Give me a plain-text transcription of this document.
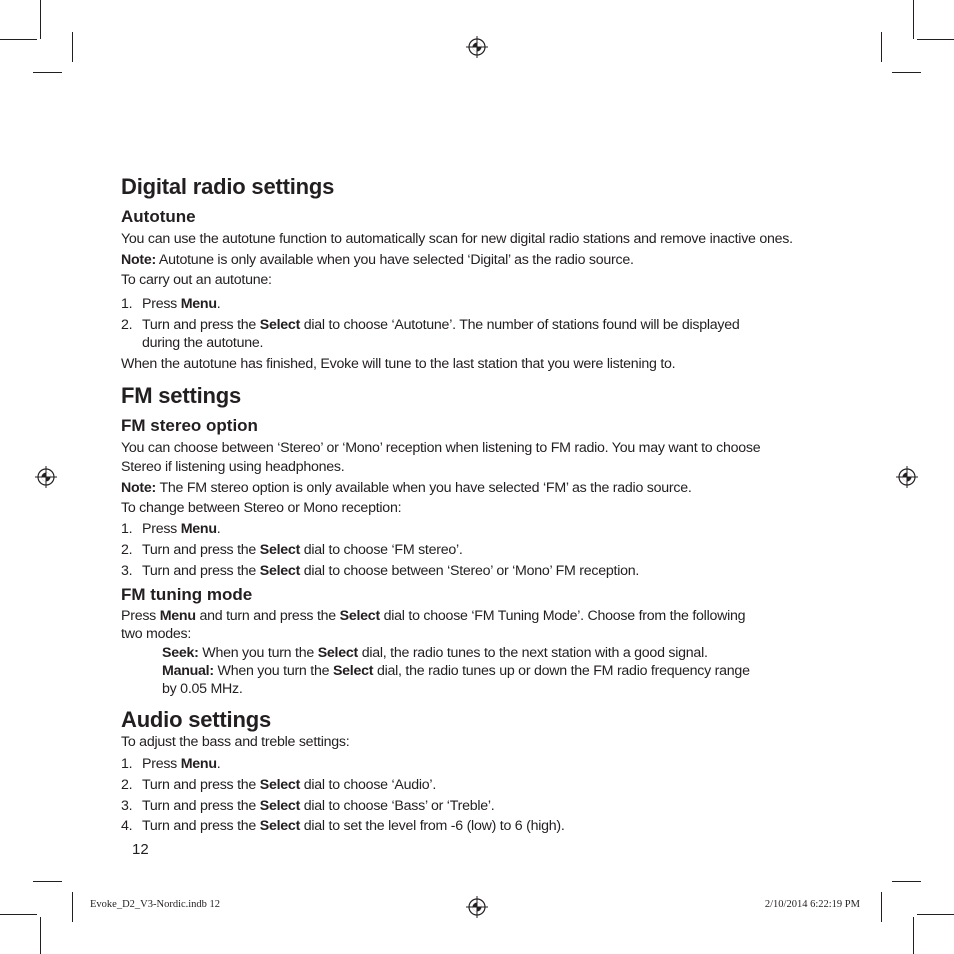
Digital radio settings
Autotune
You can use the autotune function to automatically scan for new digital radio stations and remove inactive ones.
Note: Autotune is only available when you have selected ‘Digital’ as the radio source.
To carry out an autotune:
1. Press Menu.
2. Turn and press the Select dial to choose ‘Autotune’. The number of stations found will be displayed
during the autotune.
When the autotune has finished, Evoke will tune to the last station that you were listening to.
FM settings
FM stereo option
You can choose between ‘Stereo’ or ‘Mono’ reception when listening to FM radio. You may want to choose
Stereo if listening using headphones.
Note: The FM stereo option is only available when you have selected ‘FM’ as the radio source.
To change between Stereo or Mono reception:
1. Press Menu.
2. Turn and press the Select dial to choose ‘FM stereo’.
3. Turn and press the Select dial to choose between ‘Stereo’ or ‘Mono’ FM reception.
FM tuning mode
Press Menu and turn and press the Select dial to choose ‘FM Tuning Mode’. Choose from the following
two modes:
Seek: When you turn the Select dial, the radio tunes to the next station with a good signal.
Manual: When you turn the Select dial, the radio tunes up or down the FM radio frequency range
by 0.05 MHz.
Audio settings
To adjust the bass and treble settings:
1. Press Menu.
2. Turn and press the Select dial to choose ‘Audio’.
3. Turn and press the Select dial to choose ‘Bass’ or ‘Treble’.
4. Turn and press the Select dial to set the level from -6 (low) to 6 (high).
12
Evoke_D2_V3-Nordic.indb 12	2/10/2014 6:22:19 PM
